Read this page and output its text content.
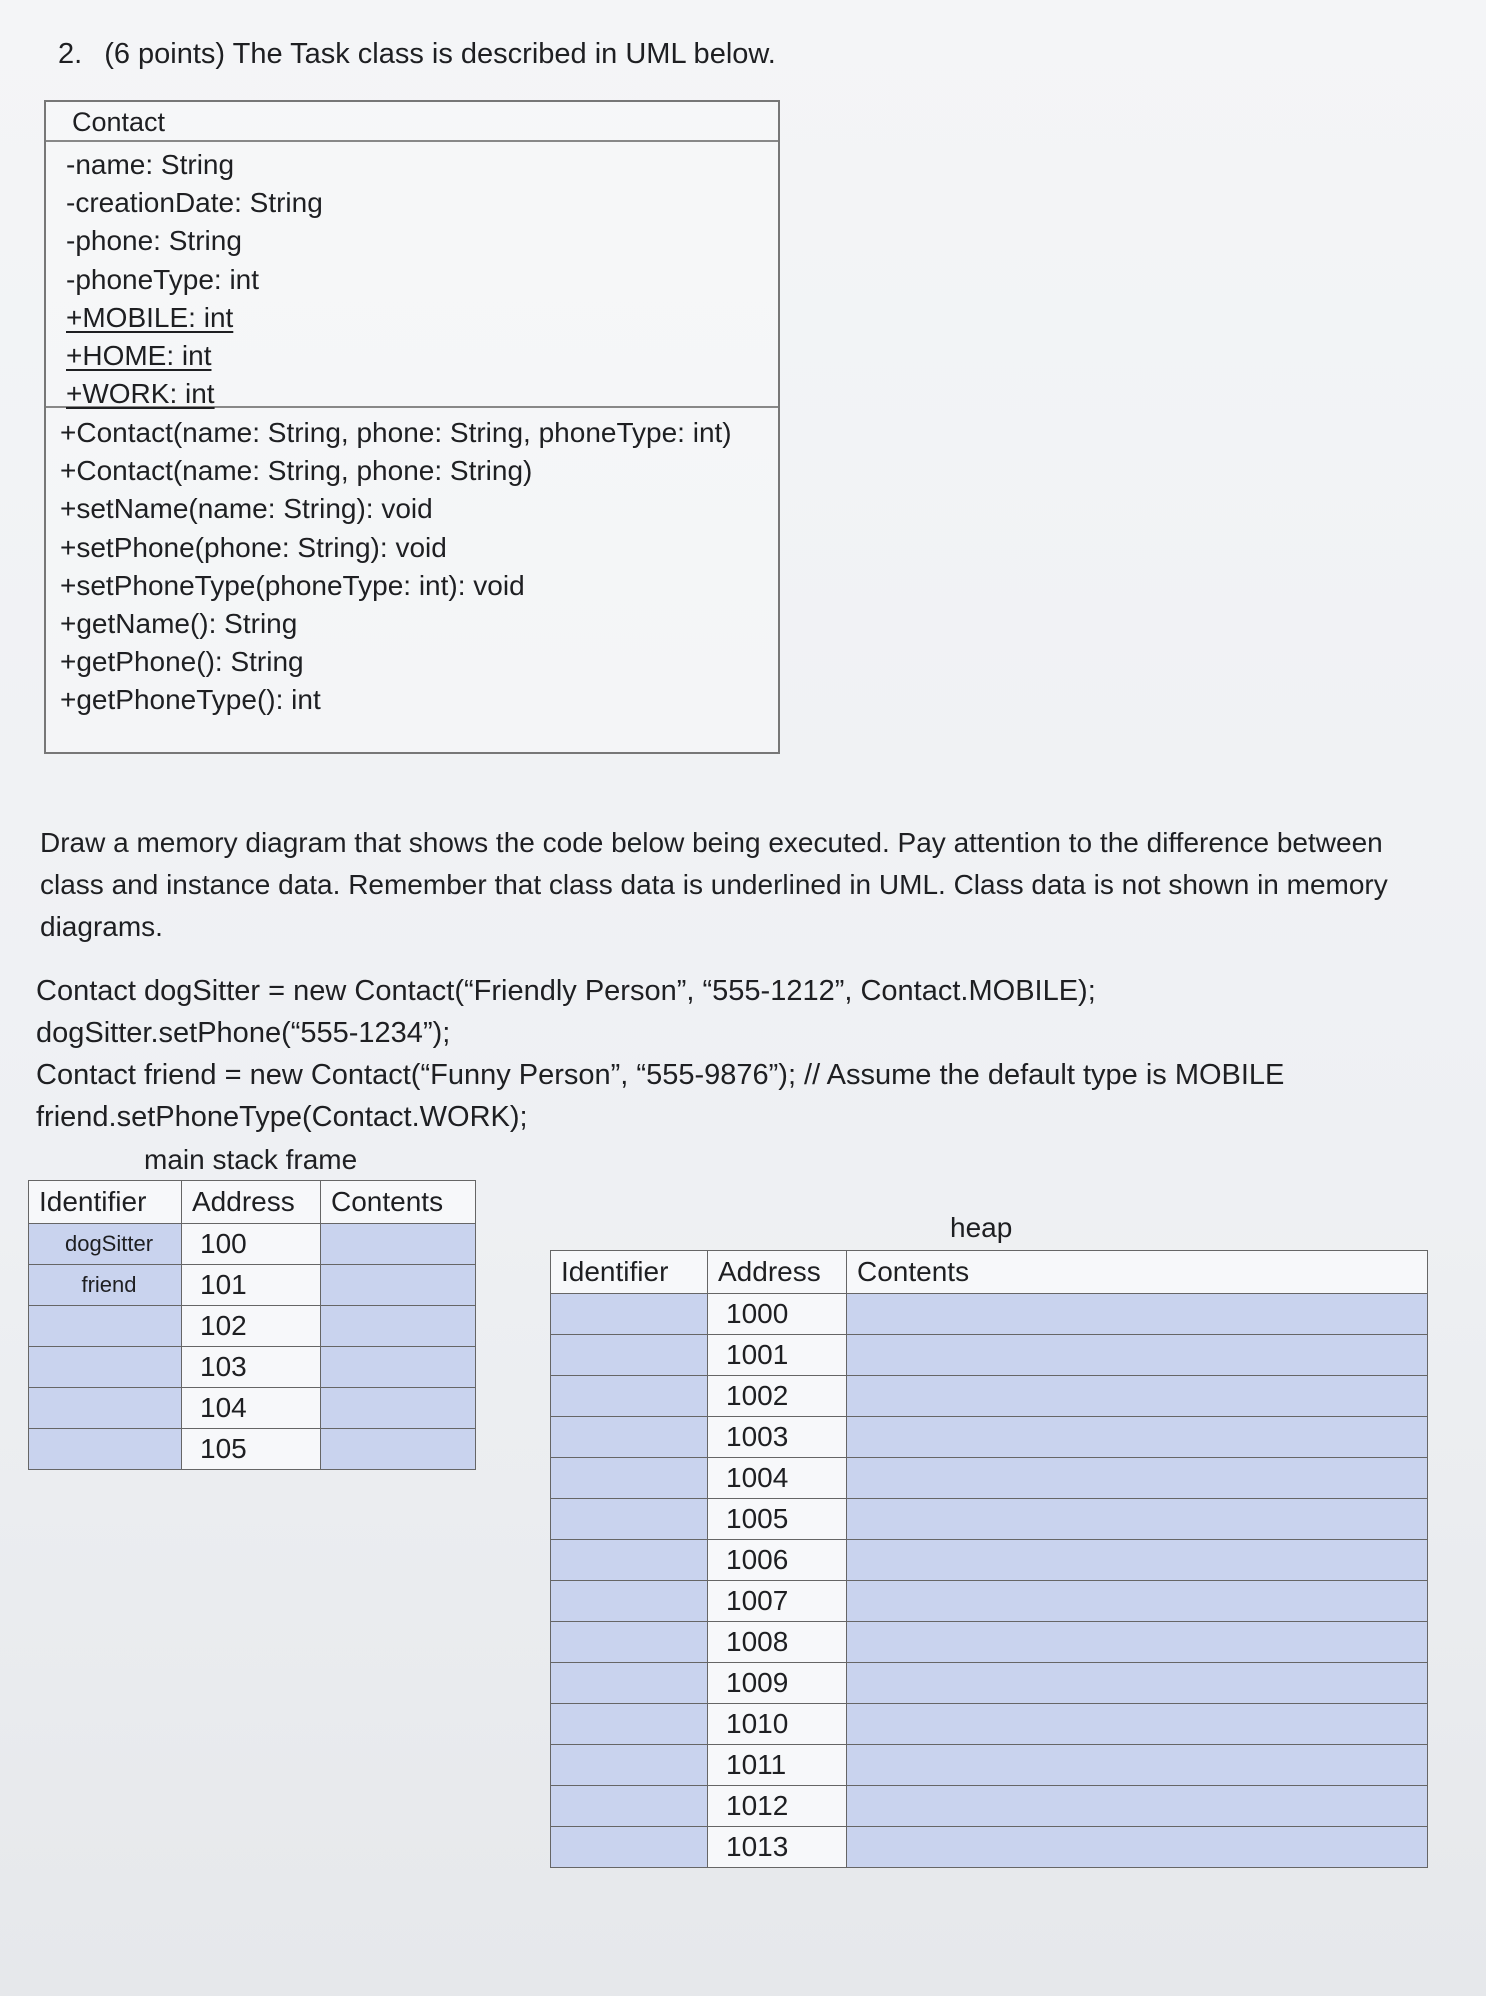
2. (6 points) The Task class is described in UML below.
Contact
-name: String
-creationDate: String
-phone: String
-phoneType: int
+MOBILE: int
+HOME: int
+WORK: int
+Contact(name: String, phone: String, phoneType: int)
+Contact(name: String, phone: String)
+setName(name: String): void
+setPhone(phone: String): void
+setPhoneType(phoneType: int): void
+getName(): String
+getPhone(): String
+getPhoneType(): int
Draw a memory diagram that shows the code below being executed. Pay attention to the difference between class and instance data. Remember that class data is underlined in UML. Class data is not shown in memory diagrams.
Contact dogSitter = new Contact(“Friendly Person”, “555-1212”, Contact.MOBILE);
dogSitter.setPhone(“555-1234”);
Contact friend = new Contact(“Funny Person”, “555-9876”); // Assume the default type is MOBILE
friend.setPhoneType(Contact.WORK);
main stack frame
Identifier	Address	Contents
dogSitter	100	
friend	101	
	102	
	103	
	104	
	105	
heap
Identifier	Address	Contents
	1000	
	1001	
	1002	
	1003	
	1004	
	1005	
	1006	
	1007	
	1008	
	1009	
	1010	
	1011	
	1012	
	1013	
